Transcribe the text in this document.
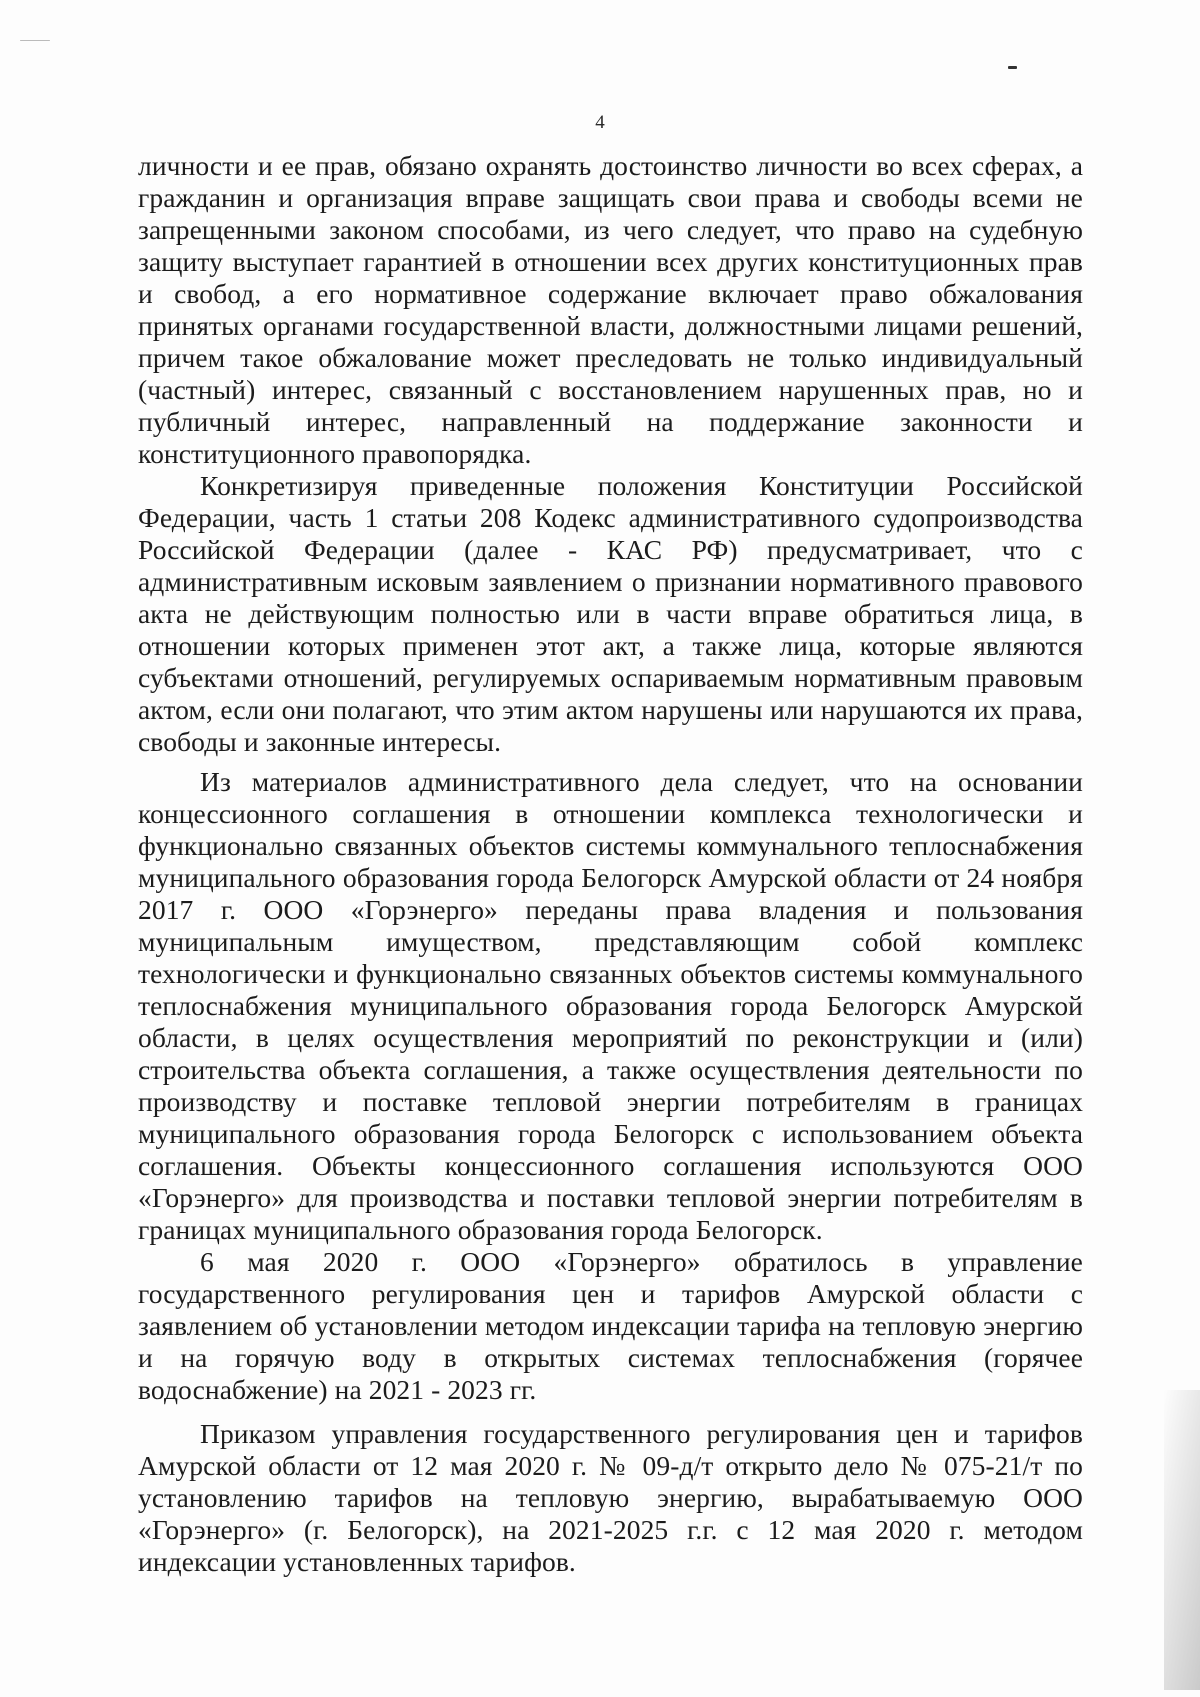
4

личности и ее прав, обязано охранять достоинство личности во всех сферах, а гражданин и организация вправе защищать свои права и свободы всеми не запрещенными законом способами, из чего следует, что право на судебную защиту выступает гарантией в отношении всех других конституционных прав и свобод, а его нормативное содержание включает право обжалования принятых органами государственной власти, должностными лицами решений, причем такое обжалование может преследовать не только индивидуальный (частный) интерес, связанный с восстановлением нарушенных прав, но и публичный интерес, направленный на поддержание законности и конституционного правопорядка.

Конкретизируя приведенные положения Конституции Российской Федерации, часть 1 статьи 208 Кодекс административного судопроизводства Российской Федерации (далее - КАС РФ) предусматривает, что с административным исковым заявлением о признании нормативного правового акта не действующим полностью или в части вправе обратиться лица, в отношении которых применен этот акт, а также лица, которые являются субъектами отношений, регулируемых оспариваемым нормативным правовым актом, если они полагают, что этим актом нарушены или нарушаются их права, свободы и законные интересы.

Из материалов административного дела следует, что на основании концессионного соглашения в отношении комплекса технологически и функционально связанных объектов системы коммунального теплоснабжения муниципального образования города Белогорск Амурской области от 24 ноября 2017 г. ООО «Горэнерго» переданы права владения и пользования муниципальным имуществом, представляющим собой комплекс технологически и функционально связанных объектов системы коммунального теплоснабжения муниципального образования города Белогорск Амурской области, в целях осуществления мероприятий по реконструкции и (или) строительства объекта соглашения, а также осуществления деятельности по производству и поставке тепловой энергии потребителям в границах муниципального образования города Белогорск с использованием объекта соглашения. Объекты концессионного соглашения используются ООО «Горэнерго» для производства и поставки тепловой энергии потребителям в границах муниципального образования города Белогорск.

6 мая 2020 г. ООО «Горэнерго» обратилось в управление государственного регулирования цен и тарифов Амурской области с заявлением об установлении методом индексации тарифа на тепловую энергию и на горячую воду в открытых системах теплоснабжения (горячее водоснабжение) на 2021 - 2023 гг.

Приказом управления государственного регулирования цен и тарифов Амурской области от 12 мая 2020 г. № 09-д/т открыто дело № 075-21/т по установлению тарифов на тепловую энергию, вырабатываемую ООО «Горэнерго» (г. Белогорск), на 2021-2025 г.г. с 12 мая 2020 г. методом индексации установленных тарифов.
